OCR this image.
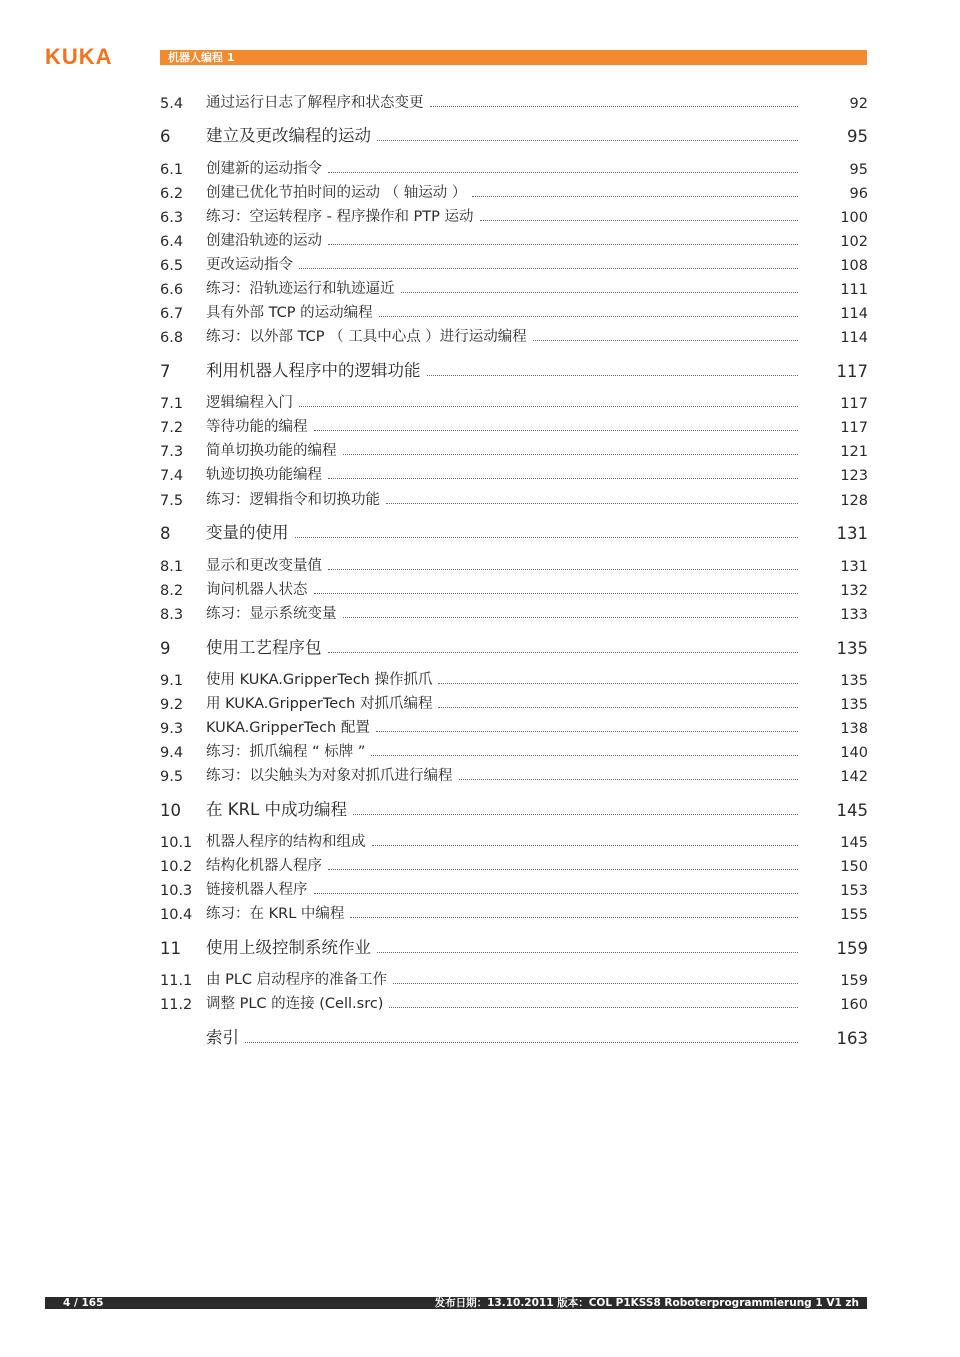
KUKA	机器人编程 1
5.4	通过运行日志了解程序和状态变更	92
6	建立及更改编程的运动	95
6.1	创建新的运动指令	95
6.2	创建已优化节拍时间的运动 （ 轴运动 ）	96
6.3	练习：空运转程序 - 程序操作和 PTP 运动	100
6.4	创建沿轨迹的运动	102
6.5	更改运动指令	108
6.6	练习：沿轨迹运行和轨迹逼近	111
6.7	具有外部 TCP 的运动编程	114
6.8	练习：以外部 TCP （ 工具中心点 ）进行运动编程	114
7	利用机器人程序中的逻辑功能	117
7.1	逻辑编程入门	117
7.2	等待功能的编程	117
7.3	简单切换功能的编程	121
7.4	轨迹切换功能编程	123
7.5	练习：逻辑指令和切换功能	128
8	变量的使用	131
8.1	显示和更改变量值	131
8.2	询问机器人状态	132
8.3	练习：显示系统变量	133
9	使用工艺程序包	135
9.1	使用 KUKA.GripperTech 操作抓爪	135
9.2	用 KUKA.GripperTech 对抓爪编程	135
9.3	KUKA.GripperTech 配置	138
9.4	练习：抓爪编程 “ 标牌 ”	140
9.5	练习：以尖触头为对象对抓爪进行编程	142
10	在 KRL 中成功编程	145
10.1 机器人程序的结构和组成	145
10.2 结构化机器人程序	150
10.3 链接机器人程序	153
10.4 练习：在 KRL 中编程	155
11	使用上级控制系统作业	159
11.1 由 PLC 启动程序的准备工作	159
11.2 调整 PLC 的连接 (Cell.src)	160
索引	163
4 / 165	发布日期：13.10.2011 版本：COL P1KSS8 Roboterprogrammierung 1 V1 zh
